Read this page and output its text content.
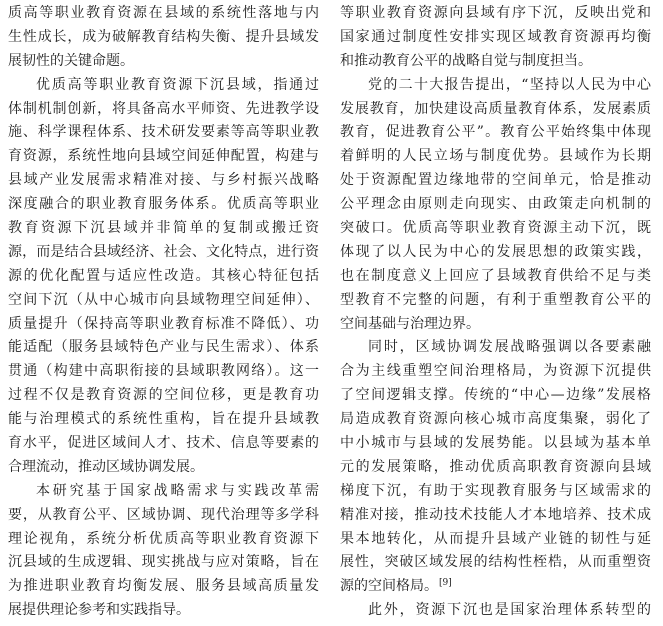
质高等职业教育资源在县域的系统性落地与内
生性成长，成为破解教育结构失衡、提升县域发
展韧性的关键命题。
优质高等职业教育资源下沉县域，指通过
体制机制创新，将具备高水平师资、先进教学设
施、科学课程体系、技术研发要素等高等职业教
育资源，系统性地向县域空间延伸配置，构建与
县域产业发展需求精准对接、与乡村振兴战略
深度融合的职业教育服务体系。优质高等职业
教育资源下沉县域并非简单的复制或搬迁资
源，而是结合县域经济、社会、文化特点，进行资
源的优化配置与适应性改造。其核心特征包括
空间下沉（从中心城市向县域物理空间延伸）、
质量提升（保持高等职业教育标准不降低）、功
能适配（服务县域特色产业与民生需求）、体系
贯通（构建中高职衔接的县域职教网络）。这一
过程不仅是教育资源的空间位移，更是教育功
能与治理模式的系统性重构，旨在提升县域教
育水平，促进区域间人才、技术、信息等要素的
合理流动，推动区域协调发展。
本研究基于国家战略需求与实践改革需
要，从教育公平、区域协调、现代治理等多学科
理论视角，系统分析优质高等职业教育资源下
沉县域的生成逻辑、现实挑战与应对策略，旨在
为推进职业教育均衡发展、服务县域高质量发
展提供理论参考和实践指导。
等职业教育资源向县域有序下沉，反映出党和
国家通过制度性安排实现区域教育资源再均衡
和推动教育公平的战略自觉与制度担当。
党的二十大报告提出，“坚持以人民为中心
发展教育，加快建设高质量教育体系，发展素质
教育，促进教育公平”。教育公平始终集中体现
着鲜明的人民立场与制度优势。县域作为长期
处于资源配置边缘地带的空间单元，恰是推动
公平理念由原则走向现实、由政策走向机制的
突破口。优质高等职业教育资源主动下沉，既
体现了以人民为中心的发展思想的政策实践，
也在制度意义上回应了县域教育供给不足与类
型教育不完整的问题，有利于重塑教育公平的
空间基础与治理边界。
同时，区域协调发展战略强调以各要素融
合为主线重塑空间治理格局，为资源下沉提供
了空间逻辑支撑。传统的“中心—边缘”发展格
局造成教育资源向核心城市高度集聚，弱化了
中小城市与县域的发展势能。以县域为基本单
元的发展策略，推动优质高职教育资源向县域
梯度下沉，有助于实现教育服务与区域需求的
精准对接，推动技术技能人才本地培养、技术成
果本地转化，从而提升县域产业链的韧性与延
展性，突破区域发展的结构性桎梏，从而重塑资
源的空间格局。[9]
此外，资源下沉也是国家治理体系转型的
